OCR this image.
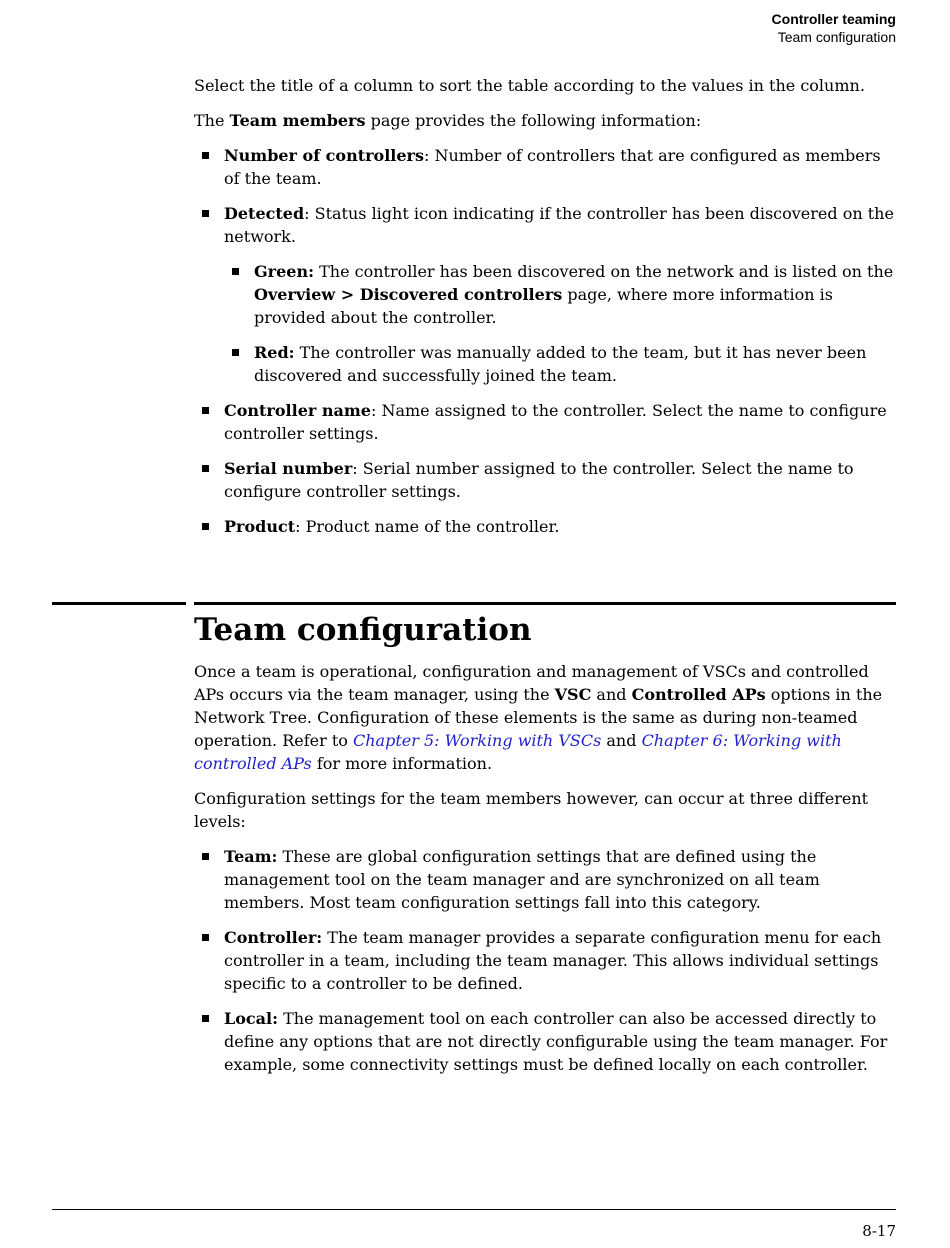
Controller teaming
Team configuration

Select the title of a column to sort the table according to the values in the column.

The Team members page provides the following information:

Number of controllers: Number of controllers that are configured as members of the team.
Detected: Status light icon indicating if the controller has been discovered on the network.
Green: The controller has been discovered on the network and is listed on the Overview > Discovered controllers page, where more information is provided about the controller.
Red: The controller was manually added to the team, but it has never been discovered and successfully joined the team.
Controller name: Name assigned to the controller. Select the name to configure controller settings.
Serial number: Serial number assigned to the controller. Select the name to configure controller settings.
Product: Product name of the controller.
Team configuration

Once a team is operational, configuration and management of VSCs and controlled APs occurs via the team manager, using the VSC and Controlled APs options in the Network Tree. Configuration of these elements is the same as during non-teamed operation. Refer to Chapter 5: Working with VSCs and Chapter 6: Working with controlled APs for more information.

Configuration settings for the team members however, can occur at three different levels:

Team: These are global configuration settings that are defined using the management tool on the team manager and are synchronized on all team members. Most team configuration settings fall into this category.
Controller: The team manager provides a separate configuration menu for each controller in a team, including the team manager. This allows individual settings specific to a controller to be defined.
Local: The management tool on each controller can also be accessed directly to define any options that are not directly configurable using the team manager. For example, some connectivity settings must be defined locally on each controller.
8-17
